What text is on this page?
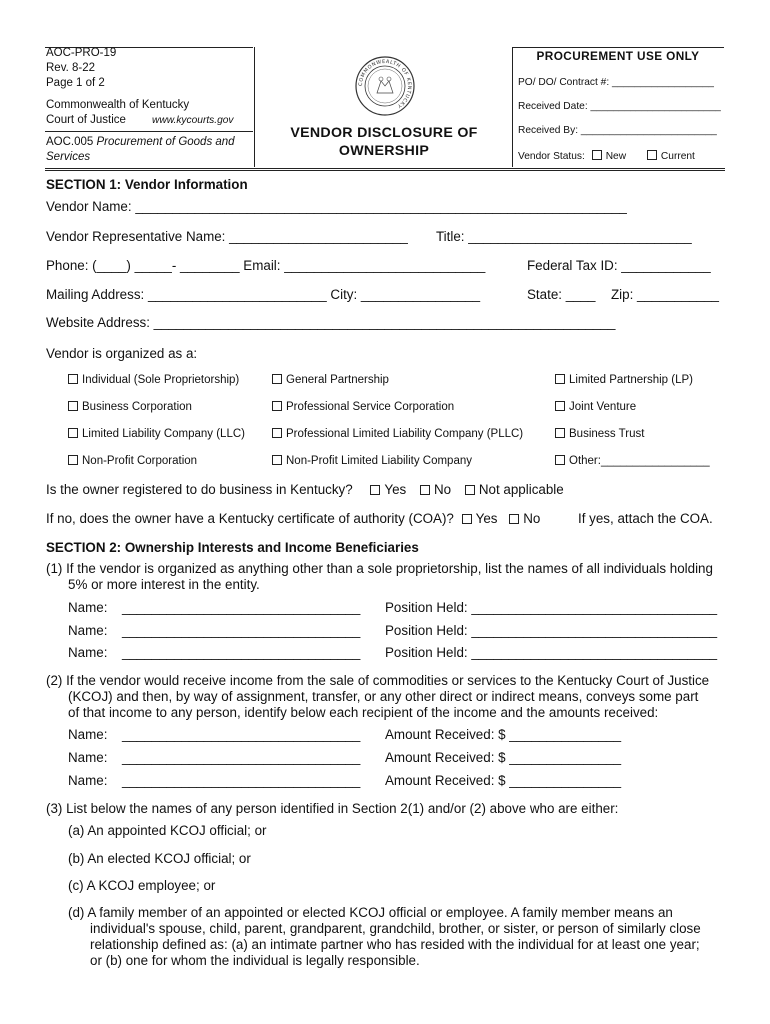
AOC-PRO-19
Rev. 8-22
Page 1 of 2
Commonwealth of Kentucky
Court of Justice	www.kycourts.gov
AOC.005 Procurement of Goods and
Services
COMMONWEALTH OF KENTUCKY
VENDOR DISCLOSURE OF
OWNERSHIP
PROCUREMENT USE ONLY
PO/ DO/ Contract #: __________________
Received Date: _______________________
Received By: ________________________
Vendor Status: New	Current
SECTION 1: Vendor Information
Vendor Name: __________________________________________________________________
Vendor Representative Name: ________________________ Title: ______________________________
Phone: (____) _____- ________ Email: ___________________________	Federal Tax ID: ____________
Mailing Address: ________________________ City: ________________	State: ____ Zip: ___________
Website Address: ______________________________________________________________
Vendor is organized as a:
Individual (Sole Proprietorship)	General Partnership	Limited Partnership (LP)
Business Corporation	Professional Service Corporation	Joint Venture
Limited Liability Company (LLC)	Professional Limited Liability Company (PLLC)	Business Trust
Non-Profit Corporation	Non-Profit Limited Liability Company	Other:_________________
Is the owner registered to do business in Kentucky? Yes No Not applicable
If no, does the owner have a Kentucky certificate of authority (COA)? Yes No	If yes, attach the COA.
SECTION 2: Ownership Interests and Income Beneficiaries
(1) If the vendor is organized as anything other than a sole proprietorship, list the names of all individuals holding
5% or more interest in the entity.
Name: ________________________________ Position Held: _________________________________
Name: ________________________________ Position Held: _________________________________
Name: ________________________________ Position Held: _________________________________
(2) If the vendor would receive income from the sale of commodities or services to the Kentucky Court of Justice
(KCOJ) and then, by way of assignment, transfer, or any other direct or indirect means, conveys some part
of that income to any person, identify below each recipient of the income and the amounts received:
Name: ________________________________ Amount Received: $ _______________
Name: ________________________________ Amount Received: $ _______________
Name: ________________________________ Amount Received: $ _______________
(3) List below the names of any person identified in Section 2(1) and/or (2) above who are either:
(a) An appointed KCOJ official; or
(b) An elected KCOJ official; or
(c) A KCOJ employee; or
(d) A family member of an appointed or elected KCOJ official or employee. A family member means an
individual's spouse, child, parent, grandparent, grandchild, brother, or sister, or person of similarly close
relationship defined as: (a) an intimate partner who has resided with the individual for at least one year;
or (b) one for whom the individual is legally responsible.
